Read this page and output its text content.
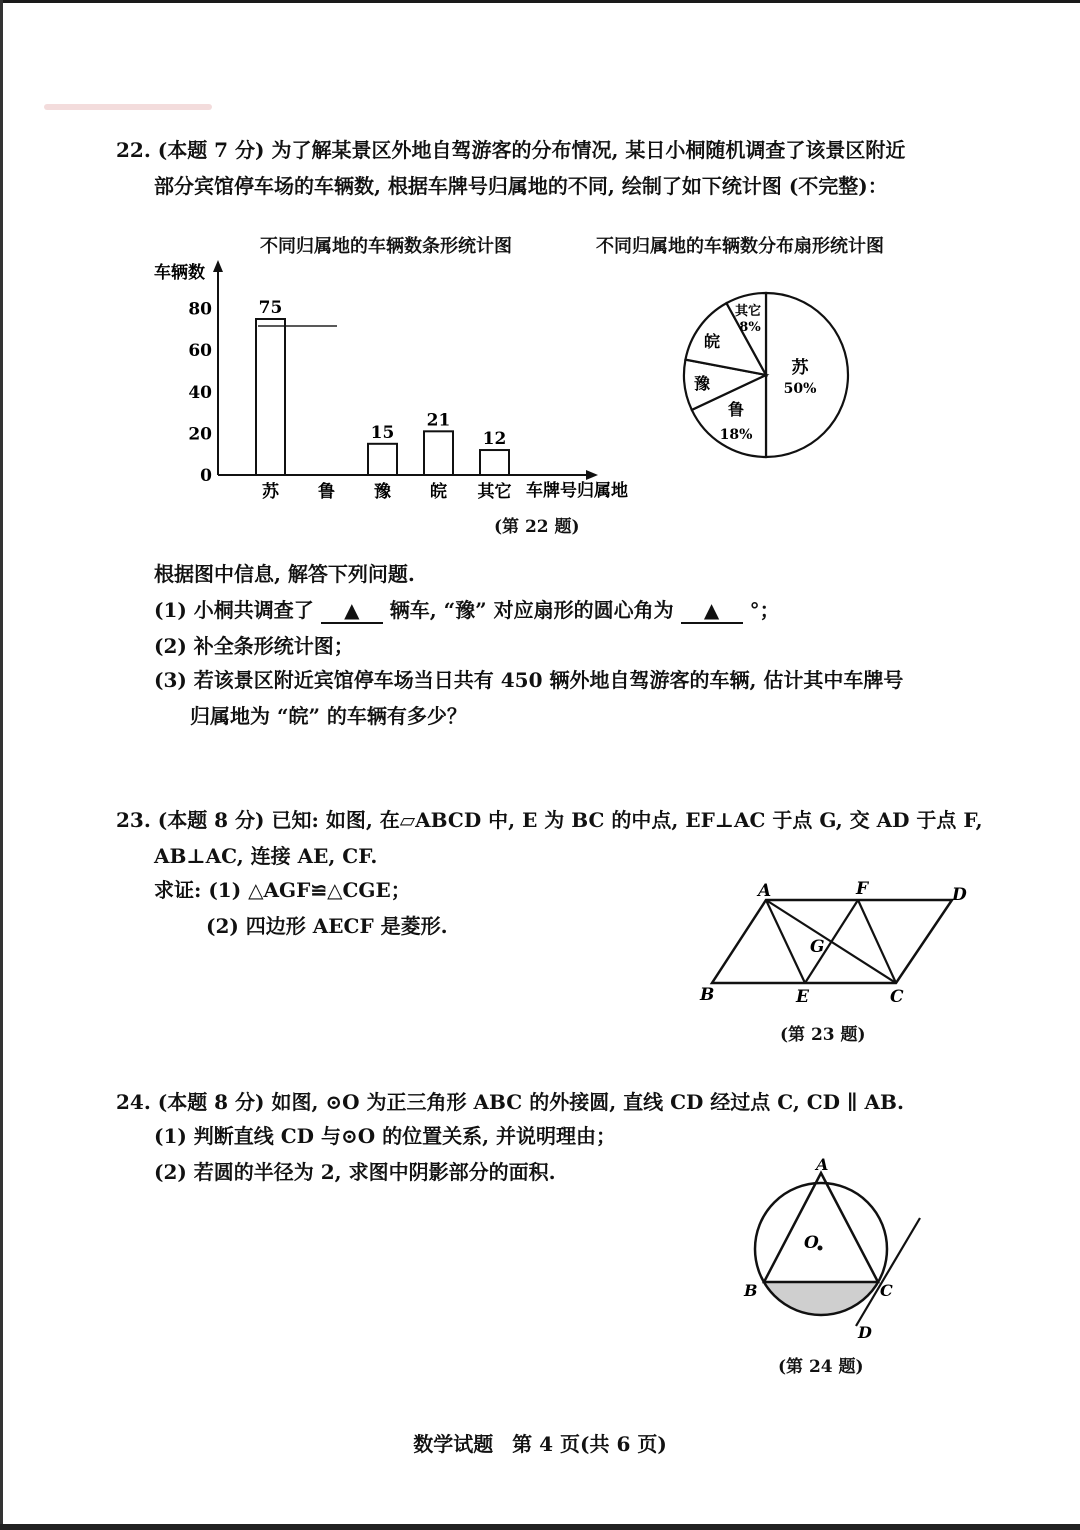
22. (本题 7 分) 为了解某景区外地自驾游客的分布情况, 某日小桐随机调查了该景区附近
部分宾馆停车场的车辆数, 根据车牌号归属地的不同, 绘制了如下统计图 (不完整)：
不同归属地的车辆数条形统计图	不同归属地的车辆数分布扇形统计图
车辆数
车牌号归属地
0
20
40
60
80	75
苏 鲁
15
豫
21
皖
12
其它
苏
50%
鲁
18%
豫
皖
其它
8%
(第 22 题)
根据图中信息, 解答下列问题.
(1) 小桐共调查了 ▲ 辆车, “豫” 对应扇形的圆心角为 ▲ °；
(2) 补全条形统计图；
(3) 若该景区附近宾馆停车场当日共有 450 辆外地自驾游客的车辆, 估计其中车牌号
归属地为 “皖” 的车辆有多少？
23. (本题 8 分) 已知: 如图, 在▱ABCD 中, E 为 BC 的中点, EF⊥AC 于点 G, 交 AD 于点 F,
AB⊥AC, 连接 AE, CF.
求证: (1) △AGF≌△CGE；
(2) 四边形 AECF 是菱形.
A	F	D
G
B	E	C
(第 23 题)
24. (本题 8 分) 如图, ⊙O 为正三角形 ABC 的外接圆, 直线 CD 经过点 C, CD ∥ AB.
(1) 判断直线 CD 与⊙O 的位置关系, 并说明理由；
(2) 若圆的半径为 2, 求图中阴影部分的面积.	A
O
B	C
D
(第 24 题)
数学试题 第 4 页(共 6 页)
